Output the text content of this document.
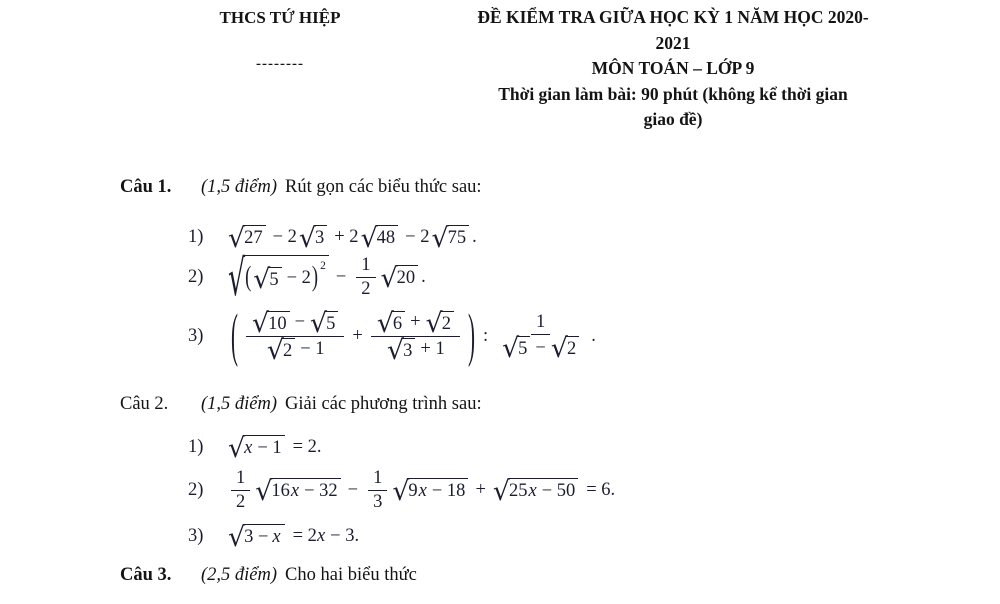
THCS TỨ HIỆP
--------
ĐỀ KIỂM TRA GIỮA HỌC KỲ 1 NĂM HỌC 2020-
2021
MÔN TOÁN – LỚP 9
Thời gian làm bài: 90 phút (không kể thời gian
giao đề)
Câu 1.	(1,5 điểm) Rút gọn các biểu thức sau:
1) √ 27 − 2 √ 3 + 2 √ 48 − 2 √ 75 .
2) √ ( √ 5 − 2 ) 2
− $\frac{1}{2}$ √ 20 .
3)	( √ 10 − √ 5
√ 2 − 1
+ $\frac{√ 6 + √ 2}{√ 3 + 1}$ ) :
1
√ 5 − √ 2
.
Câu 2.	(1,5 điểm) Giải các phương trình sau:
1) √ x − 1 = 2.
2)	$\frac{1}{2}$ √ 16 $x - 32 - \frac{1}{3}$ √ 9 x − 18 + √ 25 x − 50 = 6.
3) √ 3 − x = 2 x − 3.
Câu 3.	(2,5 điểm) Cho hai biểu thức
